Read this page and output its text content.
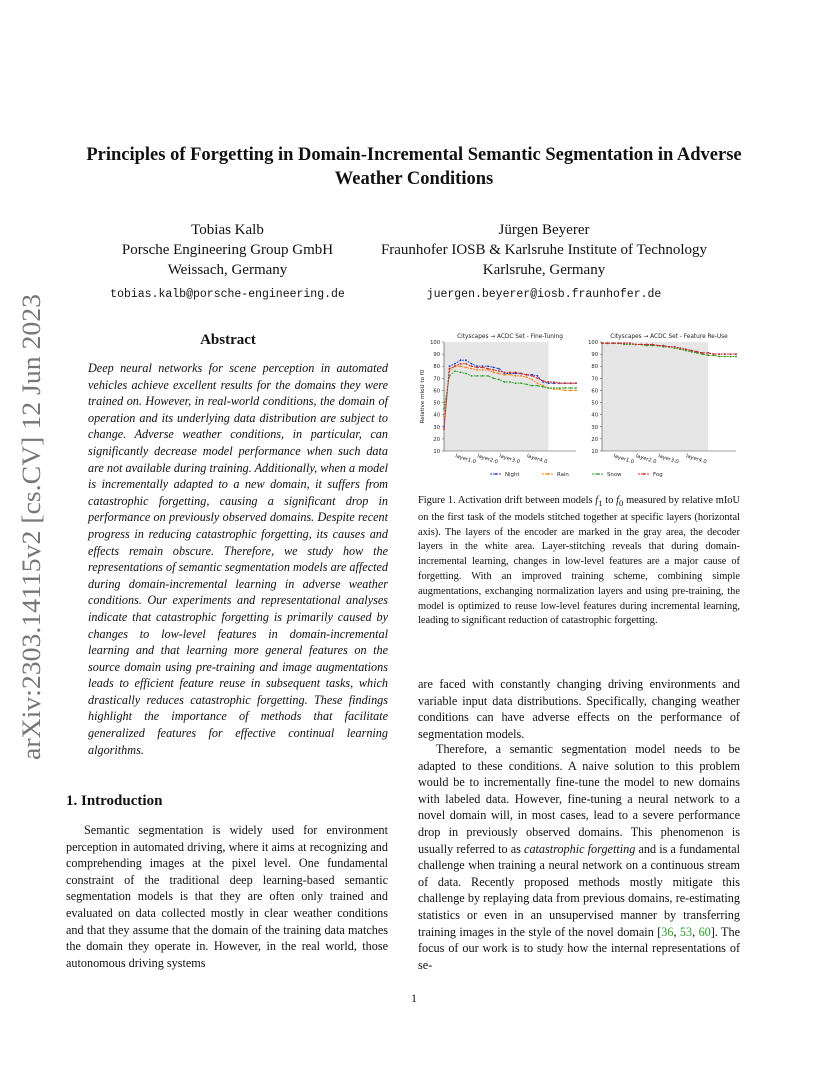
arXiv:2303.14115v2 [cs.CV] 12 Jun 2023
Principles of Forgetting in Domain-Incremental Semantic Segmentation in Adverse Weather Conditions
Tobias Kalb
Porsche Engineering Group GmbH
Weissach, Germany
tobias.kalb@porsche-engineering.de
Jürgen Beyerer
Fraunhofer IOSB & Karlsruhe Institute of Technology
Karlsruhe, Germany
juergen.beyerer@iosb.fraunhofer.de
Abstract
Deep neural networks for scene perception in automated vehicles achieve excellent results for the domains they were trained on. However, in real-world conditions, the domain of operation and its underlying data distribution are subject to change. Adverse weather conditions, in particular, can significantly decrease model performance when such data are not available during training. Additionally, when a model is incrementally adapted to a new domain, it suffers from catastrophic forgetting, causing a significant drop in performance on previously observed domains. Despite recent progress in reducing catastrophic forgetting, its causes and effects remain obscure. Therefore, we study how the representations of semantic segmentation models are affected during domain-incremental learning in adverse weather conditions. Our experiments and representational analyses indicate that catastrophic forgetting is primarily caused by changes to low-level features in domain-incremental learning and that learning more general features on the source domain using pre-training and image augmentations leads to efficient feature reuse in subsequent tasks, which drastically reduces catastrophic forgetting. These findings highlight the importance of methods that facilitate generalized features for effective continual learning algorithms.
1. Introduction
Semantic segmentation is widely used for environment perception in automated driving, where it aims at recognizing and comprehending images at the pixel level. One fundamental constraint of the traditional deep learning-based semantic segmentation models is that they are often only trained and evaluated on data collected mostly in clear weather conditions and that they assume that the domain of the training data matches the domain they operate in. However, in the real world, those autonomous driving systems
are faced with constantly changing driving environments and variable input data distributions. Specifically, changing weather conditions can have adverse effects on the performance of segmentation models.
Therefore, a semantic segmentation model needs to be adapted to these conditions. A naive solution to this problem would be to incrementally fine-tune the model to new domains with labeled data. However, fine-tuning a neural network to a novel domain will, in most cases, lead to a severe performance drop in previously observed domains. This phenomenon is usually referred to as catastrophic forgetting and is a fundamental challenge when training a neural network on a continuous stream of data. Recently proposed methods mostly mitigate this challenge by replaying data from previous domains, re-estimating statistics or even in an unsupervised manner by transferring training images in the style of the novel domain [36, 53, 60]. The focus of our work is to study how the internal representations of se-
10
20
30
40
50
60
70
80
90
100
layer1.0 layer2.0 layer3.0 layer4.0
Cityscapes → ACDC Set - Fine-Tuning
Relative mIoU to f0
10
20
30
40
50
60
70
80
90
100
layer1.0 layer2.0 layer3.0 layer4.0
Cityscapes → ACDC Set - Feature Re-Use
Night	Rain	Snow	Fog
Figure 1. Activation drift between models $f_1$ to $f_0$ measured by relative mIoU on the first task of the models stitched together at specific layers (horizontal axis). The layers of the encoder are marked in the gray area, the decoder layers in the white area. Layer-stitching reveals that during domain-incremental learning, changes in low-level features are a major cause of forgetting. With an improved training scheme, combining simple augmentations, exchanging normalization layers and using pre-training, the model is optimized to reuse low-level features during incremental learning, leading to significant reduction of catastrophic forgetting.
1
